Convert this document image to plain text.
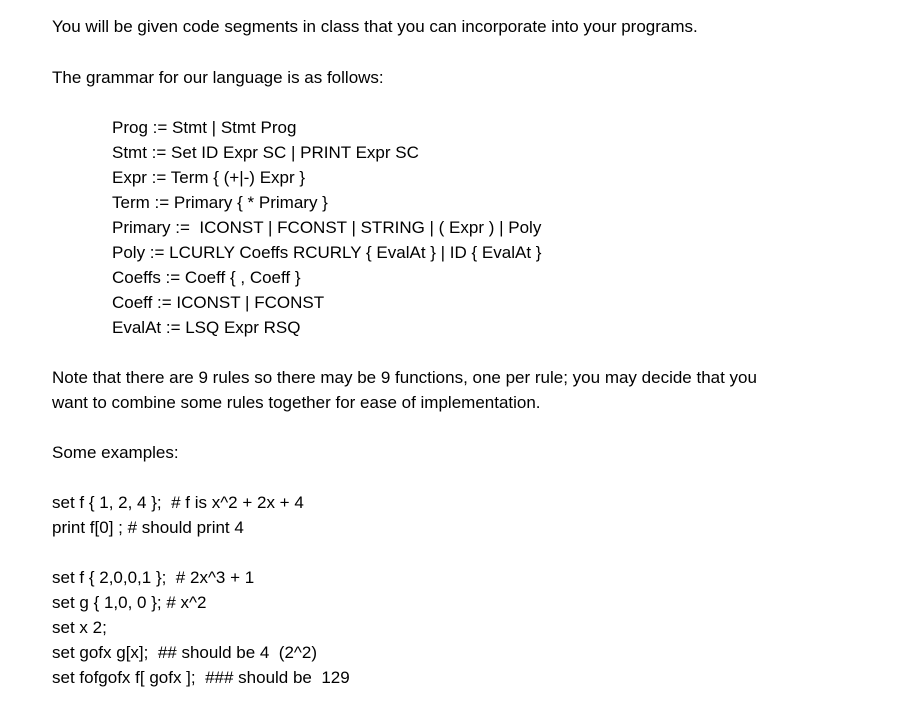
You will be given code segments in class that you can incorporate into your programs.
The grammar for our language is as follows:
Prog := Stmt | Stmt Prog
Stmt := Set ID Expr SC | PRINT Expr SC
Expr := Term { (+|-) Expr }
Term := Primary { * Primary }
Primary :=  ICONST | FCONST | STRING | ( Expr ) | Poly
Poly := LCURLY Coeffs RCURLY { EvalAt } | ID { EvalAt }
Coeffs := Coeff { , Coeff }
Coeff := ICONST | FCONST
EvalAt := LSQ Expr RSQ
Note that there are 9 rules so there may be 9 functions, one per rule; you may decide that you
want to combine some rules together for ease of implementation.
Some examples:
set f { 1, 2, 4 };  # f is x^2 + 2x + 4
print f[0] ; # should print 4
set f { 2,0,0,1 };  # 2x^3 + 1
set g { 1,0, 0 }; # x^2
set x 2;
set gofx g[x];  ## should be 4  (2^2)
set fofgofx f[ gofx ];  ### should be  129
